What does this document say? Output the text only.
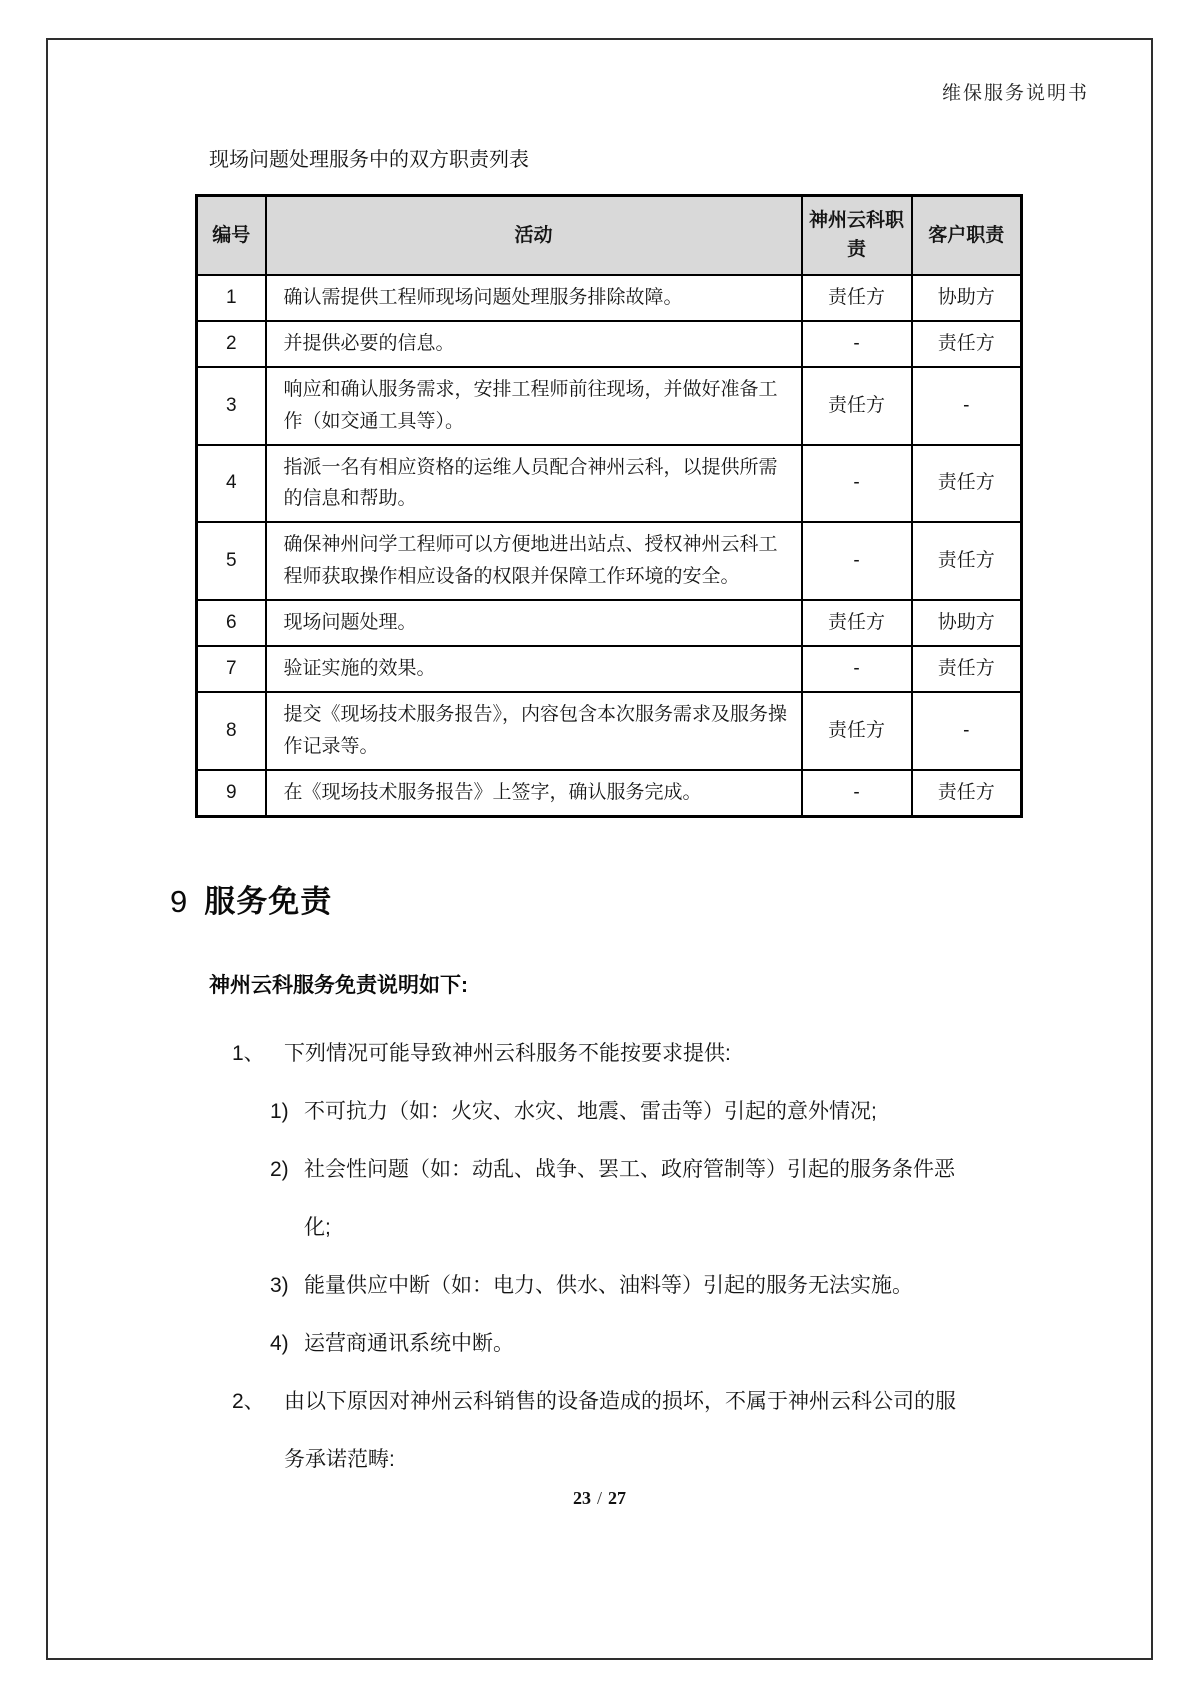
维保服务说明书
现场问题处理服务中的双方职责列表
编号	活动	神州云科职责	客户职责
1	确认需提供工程师现场问题处理服务排除故障。	责任方	协助方
2	并提供必要的信息。	-	责任方
3	响应和确认服务需求，安排工程师前往现场，并做好准备工作（如交通工具等）。	责任方	-
4	指派一名有相应资格的运维人员配合神州云科，以提供所需的信息和帮助。	-	责任方
5	确保神州问学工程师可以方便地进出站点、授权神州云科工程师获取操作相应设备的权限并保障工作环境的安全。	-	责任方
6	现场问题处理。	责任方	协助方
7	验证实施的效果。	-	责任方
8	提交《现场技术服务报告》，内容包含本次服务需求及服务操作记录等。	责任方	-
9	在《现场技术服务报告》上签字，确认服务完成。	-	责任方
9 服务免责
神州云科服务免责说明如下:
1、 下列情况可能导致神州云科服务不能按要求提供:
1) 不可抗力（如：火灾、水灾、地震、雷击等）引起的意外情况;
2) 社会性问题（如：动乱、战争、罢工、政府管制等）引起的服务条件恶化;
3) 能量供应中断（如：电力、供水、油料等）引起的服务无法实施。
4) 运营商通讯系统中断。
2、 由以下原因对神州云科销售的设备造成的损坏，不属于神州云科公司的服务承诺范畴:
23 / 27
